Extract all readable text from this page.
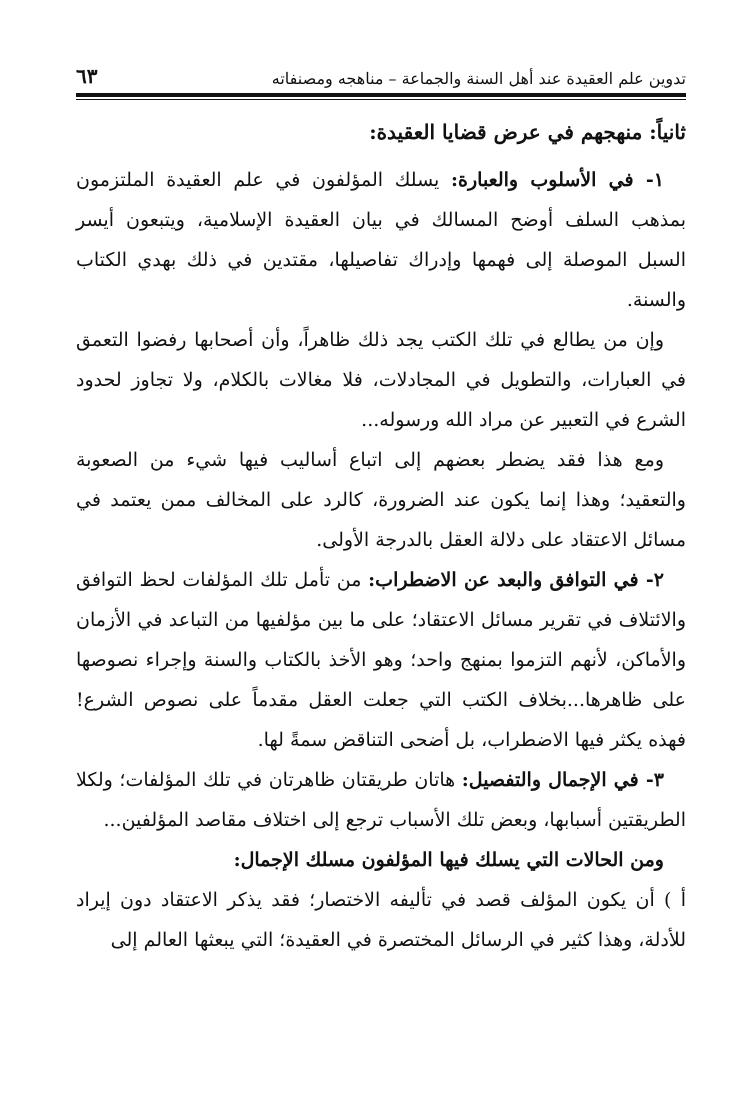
تدوين علم العقيدة عند أهل السنة والجماعة – مناهجه ومصنفاته
٦٣

ثانياً: منهجهم في عرض قضايا العقيدة:

١- في الأسلوب والعبارة: يسلك المؤلفون في علم العقيدة الملتزمون بمذهب السلف أوضح المسالك في بيان العقيدة الإسلامية، ويتبعون أيسر السبل الموصلة إلى فهمها وإدراك تفاصيلها، مقتدين في ذلك بهدي الكتاب والسنة.

وإن من يطالع في تلك الكتب يجد ذلك ظاهراً، وأن أصحابها رفضوا التعمق في العبارات، والتطويل في المجادلات، فلا مغالات بالكلام، ولا تجاوز لحدود الشرع في التعبير عن مراد الله ورسوله...

ومع هذا فقد يضطر بعضهم إلى اتباع أساليب فيها شيء من الصعوبة والتعقيد؛ وهذا إنما يكون عند الضرورة، كالرد على المخالف ممن يعتمد في مسائل الاعتقاد على دلالة العقل بالدرجة الأولى.

٢- في التوافق والبعد عن الاضطراب: من تأمل تلك المؤلفات لحظ التوافق والائتلاف في تقرير مسائل الاعتقاد؛ على ما بين مؤلفيها من التباعد في الأزمان والأماكن، لأنهم التزموا بمنهج واحد؛ وهو الأخذ بالكتاب والسنة وإجراء نصوصها على ظاهرها...بخلاف الكتب التي جعلت العقل مقدماً على نصوص الشرع! فهذه يكثر فيها الاضطراب، بل أضحى التناقض سمةً لها.

٣- في الإجمال والتفصيل: هاتان طريقتان ظاهرتان في تلك المؤلفات؛ ولكلا الطريقتين أسبابها، وبعض تلك الأسباب ترجع إلى اختلاف مقاصد المؤلفين...

ومن الحالات التي يسلك فيها المؤلفون مسلك الإجمال:

أ ) أن يكون المؤلف قصد في تأليفه الاختصار؛ فقد يذكر الاعتقاد دون إيراد للأدلة، وهذا كثير في الرسائل المختصرة في العقيدة؛ التي يبعثها العالم إلى
